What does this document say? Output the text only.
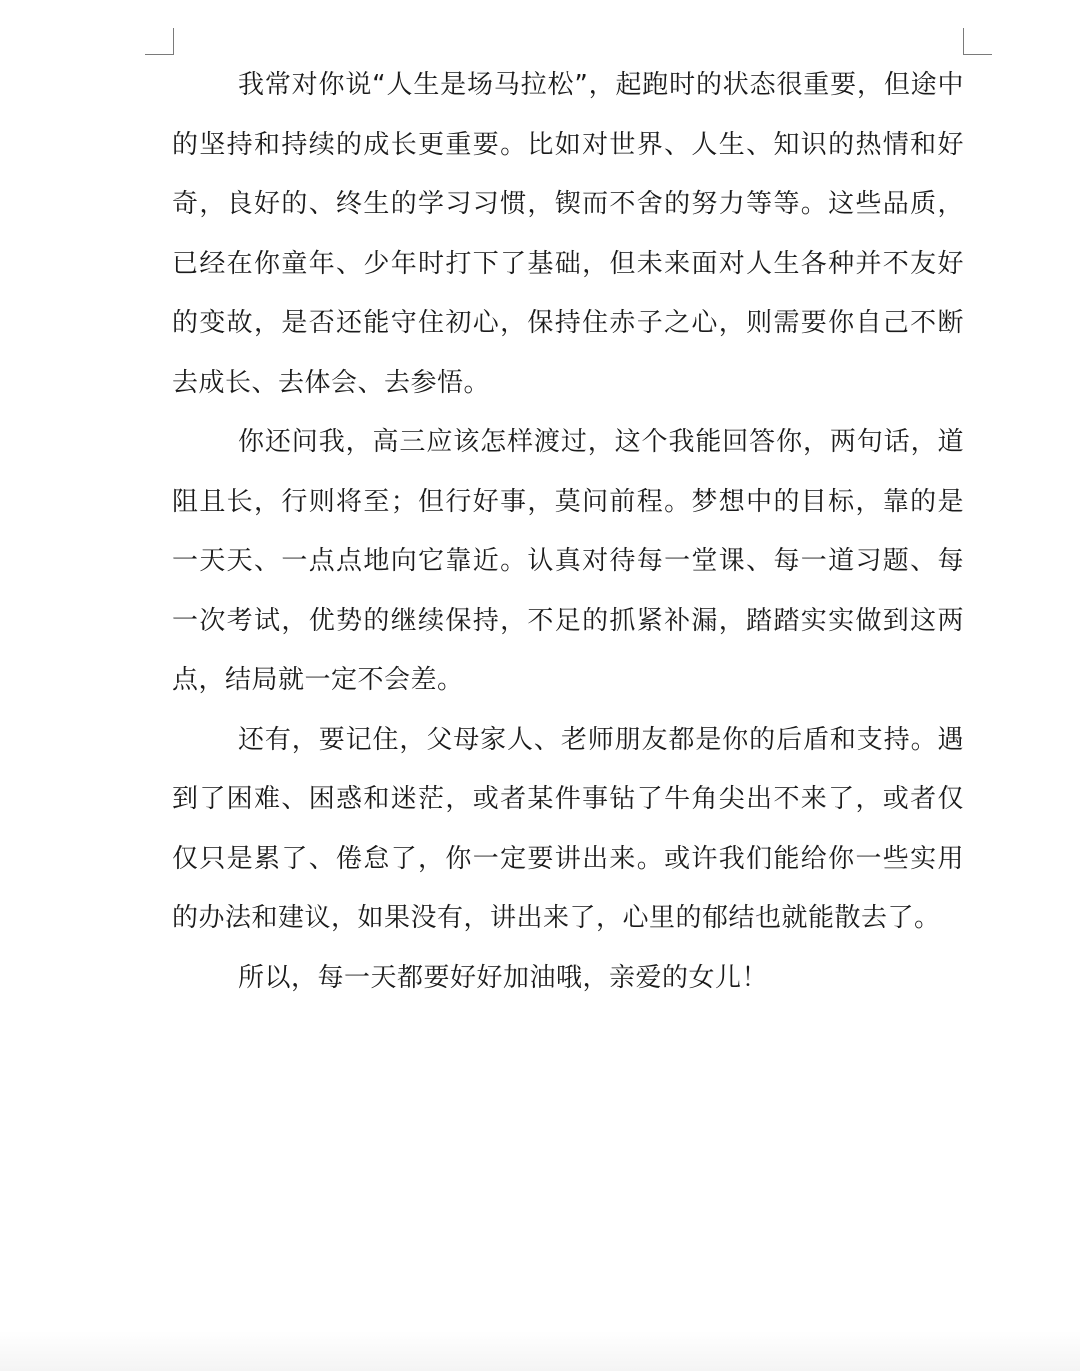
我常对你说“人生是场马拉松”，起跑时的状态很重要，但途中的坚持和持续的成长更重要。比如对世界、人生、知识的热情和好奇，良好的、终生的学习习惯，锲而不舍的努力等等。这些品质，已经在你童年、少年时打下了基础，但未来面对人生各种并不友好的变故，是否还能守住初心，保持住赤子之心，则需要你自己不断去成长、去体会、去参悟。

你还问我，高三应该怎样渡过，这个我能回答你，两句话，道阻且长，行则将至；但行好事，莫问前程。梦想中的目标，靠的是一天天、一点点地向它靠近。认真对待每一堂课、每一道习题、每一次考试，优势的继续保持，不足的抓紧补漏，踏踏实实做到这两点，结局就一定不会差。

还有，要记住，父母家人、老师朋友都是你的后盾和支持。遇到了困难、困惑和迷茫，或者某件事钻了牛角尖出不来了，或者仅仅只是累了、倦怠了，你一定要讲出来。或许我们能给你一些实用的办法和建议，如果没有，讲出来了，心里的郁结也就能散去了。

所以，每一天都要好好加油哦，亲爱的女儿！
